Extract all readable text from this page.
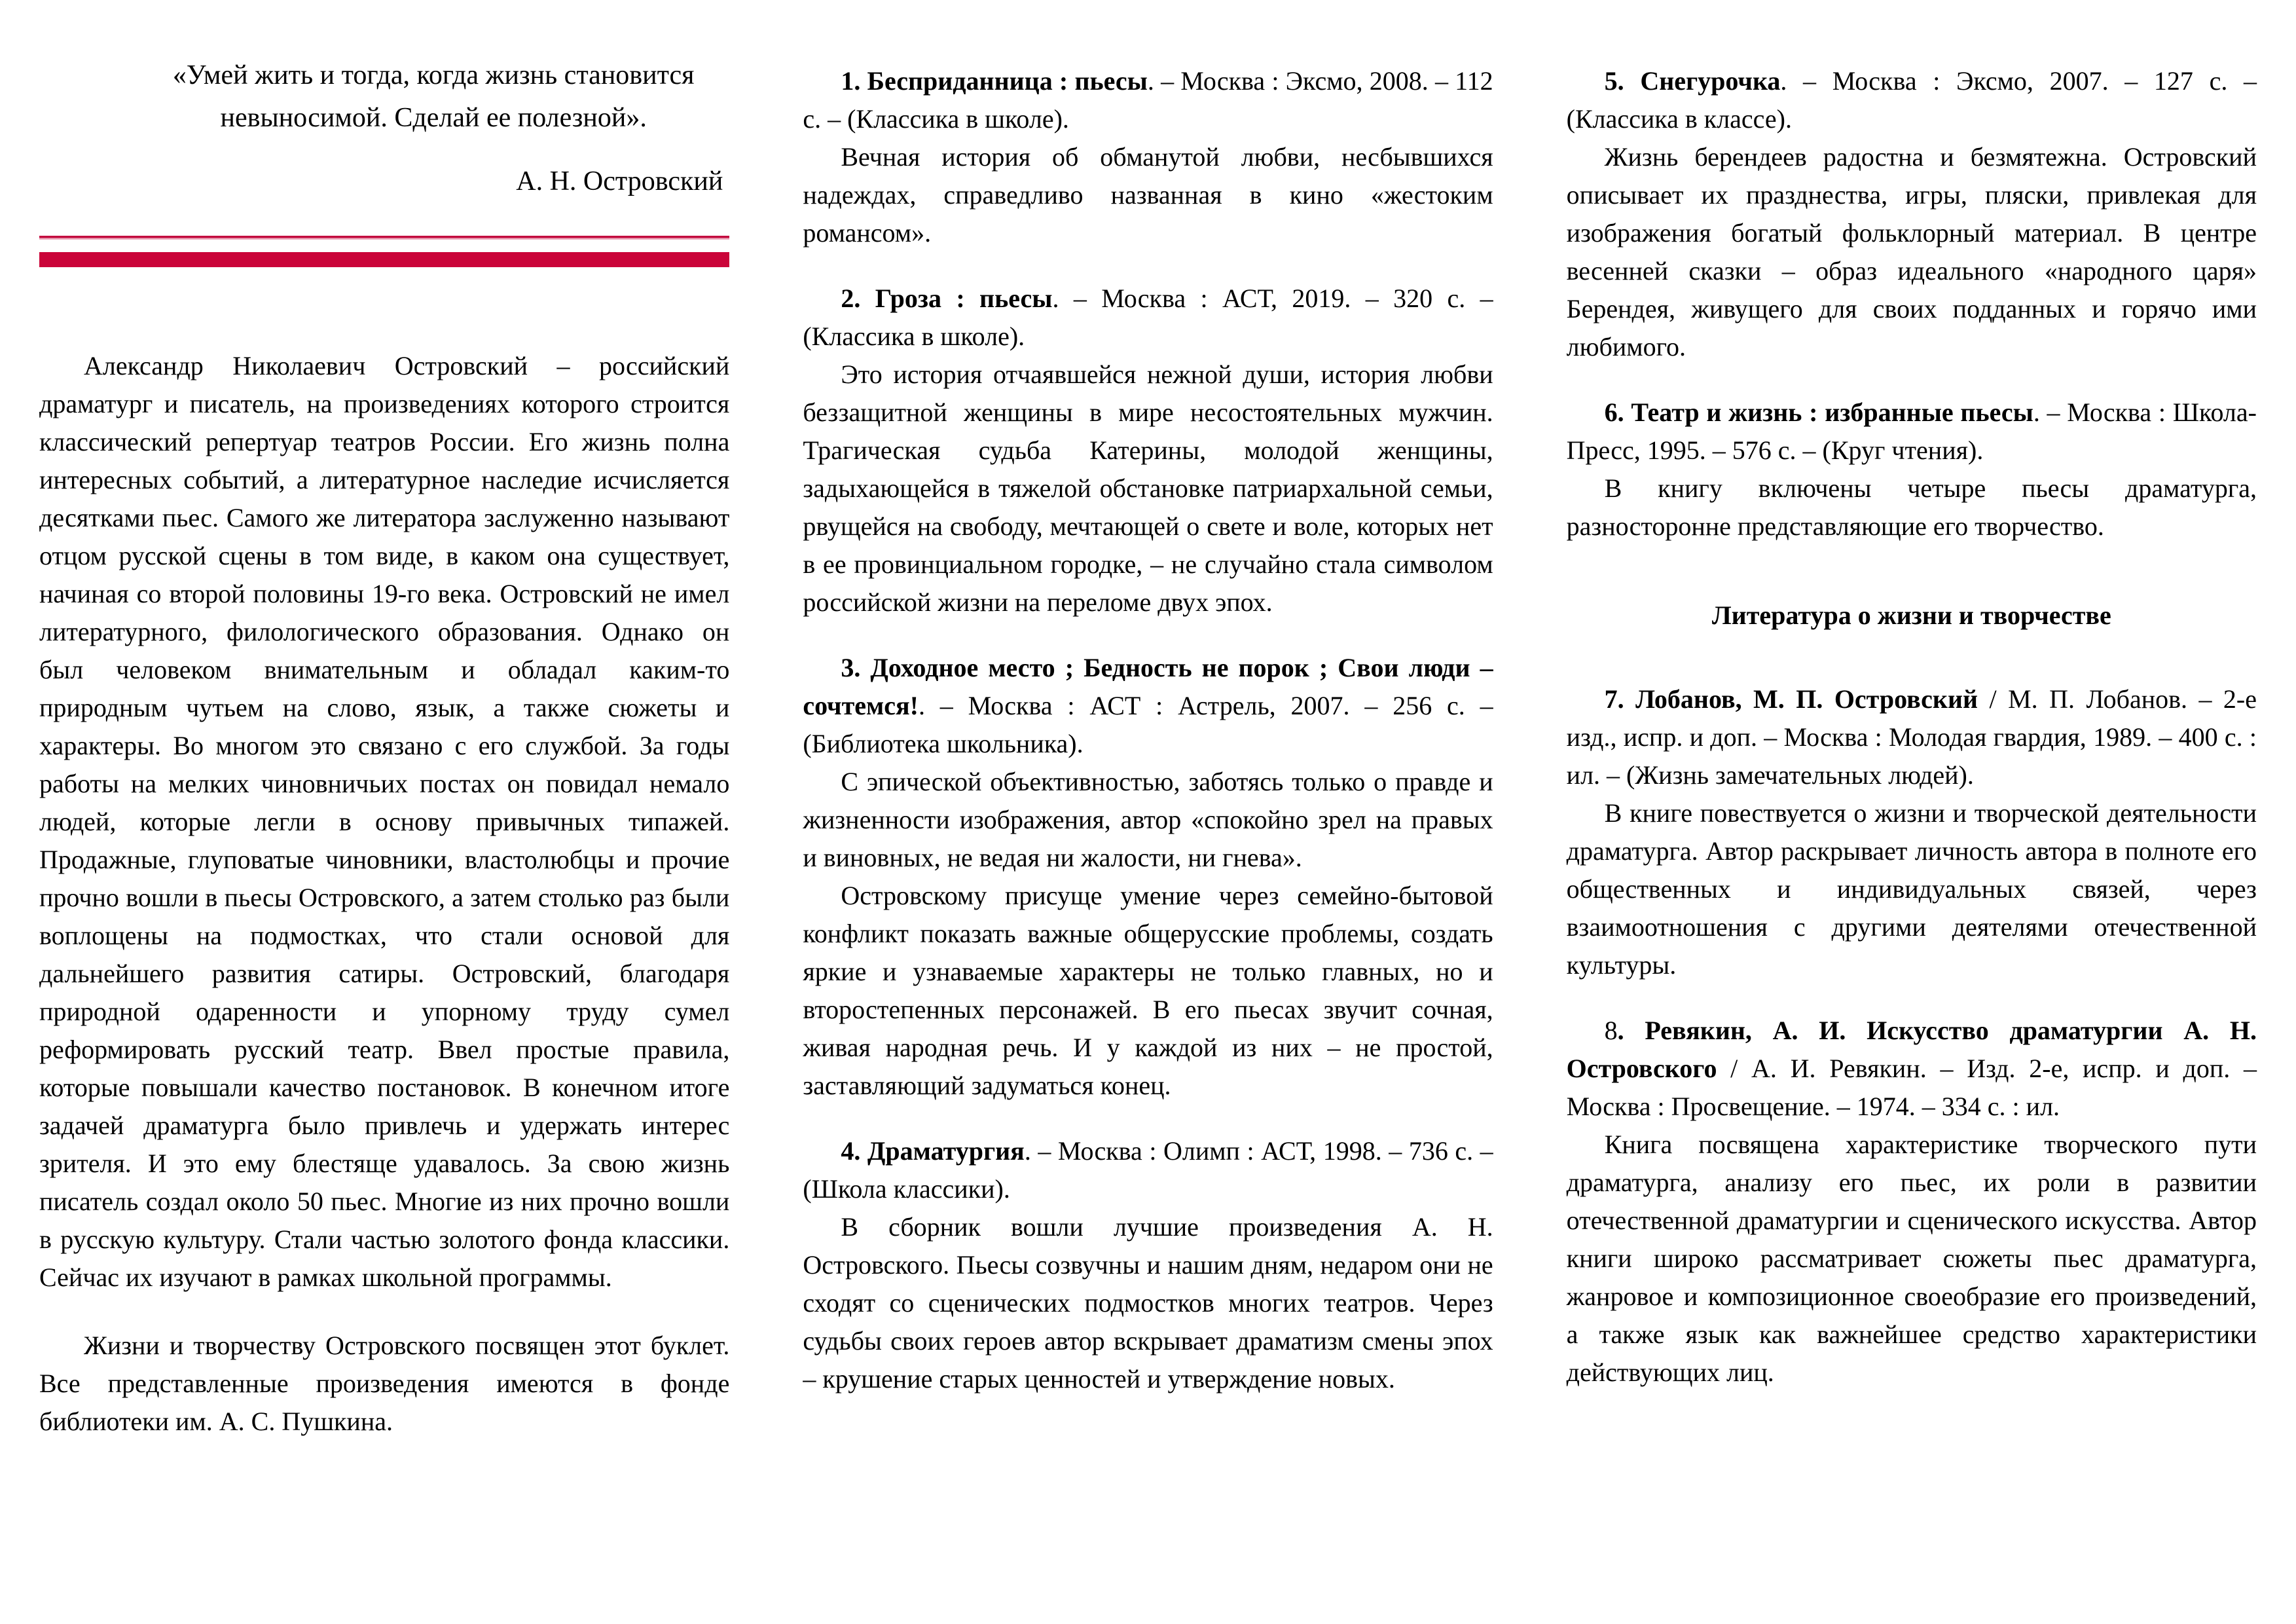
«Умей жить и тогда, когда жизнь становится невыносимой. Сделай ее полезной».
А. Н. Островский

Александр Николаевич Островский – российский драматург и писатель, на произведениях которого строится классический репертуар театров России. Его жизнь полна интересных событий, а литературное наследие исчисляется десятками пьес. Самого же литератора заслуженно называют отцом русской сцены в том виде, в каком она существует, начиная со второй половины 19-го века. Островский не имел литературного, филологического образования. Однако он был человеком внимательным и обладал каким-то природным чутьем на слово, язык, а также сюжеты и характеры. Во многом это связано с его службой. За годы работы на мелких чиновничьих постах он повидал немало людей, которые легли в основу привычных типажей. Продажные, глуповатые чиновники, властолюбцы и прочие прочно вошли в пьесы Островского, а затем столько раз были воплощены на подмостках, что стали основой для дальнейшего развития сатиры. Островский, благодаря природной одаренности и упорному труду сумел реформировать русский театр. Ввел простые правила, которые повышали качество постановок. В конечном итоге задачей драматурга было привлечь и удержать интерес зрителя. И это ему блестяще удавалось. За свою жизнь писатель создал около 50 пьес. Многие из них прочно вошли в русскую культуру. Стали частью золотого фонда классики. Сейчас их изучают в рамках школьной программы.

Жизни и творчеству Островского посвящен этот буклет. Все представленные произведения имеются в фонде библиотеки им. А. С. Пушкина.

1. Бесприданница : пьесы. – Москва : Эксмо, 2008. – 112 с. – (Классика в школе).

Вечная история об обманутой любви, несбывшихся надеждах, справедливо названная в кино «жестоким романсом».

2. Гроза : пьесы. – Москва : АСТ, 2019. – 320 с. – (Классика в школе).

Это история отчаявшейся нежной души, история любви беззащитной женщины в мире несостоятельных мужчин. Трагическая судьба Катерины, молодой женщины, задыхающейся в тяжелой обстановке патриархальной семьи, рвущейся на свободу, мечтающей о свете и воле, которых нет в ее провинциальном городке, – не случайно стала символом российской жизни на переломе двух эпох.

3. Доходное место ; Бедность не порок ; Свои люди – сочтемся!. – Москва : АСТ : Астрель, 2007. – 256 с. – (Библиотека школьника).

С эпической объективностью, заботясь только о правде и жизненности изображения, автор «спокойно зрел на правых и виновных, не ведая ни жалости, ни гнева».

Островскому присуще умение через семейно-бытовой конфликт показать важные общерусские проблемы, создать яркие и узнаваемые характеры не только главных, но и второстепенных персонажей. В его пьесах звучит сочная, живая народная речь. И у каждой из них – не простой, заставляющий задуматься конец.

4. Драматургия. – Москва : Олимп : АСТ, 1998. – 736 с. – (Школа классики).

В сборник вошли лучшие произведения А. Н. Островского. Пьесы созвучны и нашим дням, недаром они не сходят со сценических подмостков многих театров. Через судьбы своих героев автор вскрывает драматизм смены эпох – крушение старых ценностей и утверждение новых.

5. Снегурочка. – Москва : Эксмо, 2007. – 127 с. – (Классика в классе).

Жизнь берендеев радостна и безмятежна. Островский описывает их празднества, игры, пляски, привлекая для изображения богатый фольклорный материал. В центре весенней сказки – образ идеального «народного царя» Берендея, живущего для своих подданных и горячо ими любимого.

6. Театр и жизнь : избранные пьесы. – Москва : Школа-Пресс, 1995. – 576 с. – (Круг чтения).

В книгу включены четыре пьесы драматурга, разносторонне представляющие его творчество.

Литература о жизни и творчестве

7. Лобанов, М. П. Островский / М. П. Лобанов. – 2-е изд., испр. и доп. – Москва : Молодая гвардия, 1989. – 400 с. : ил. – (Жизнь замечательных людей).

В книге повествуется о жизни и творческой деятельности драматурга. Автор раскрывает личность автора в полноте его общественных и индивидуальных связей, через взаимоотношения с другими деятелями отечественной культуры.

8. Ревякин, А. И. Искусство драматургии А. Н. Островского / А. И. Ревякин. – Изд. 2-е, испр. и доп. – Москва : Просвещение. – 1974. – 334 с. : ил.

Книга посвящена характеристике творческого пути драматурга, анализу его пьес, их роли в развитии отечественной драматургии и сценического искусства. Автор книги широко рассматривает сюжеты пьес драматурга, жанровое и композиционное своеобразие его произведений, а также язык как важнейшее средство характеристики действующих лиц.
